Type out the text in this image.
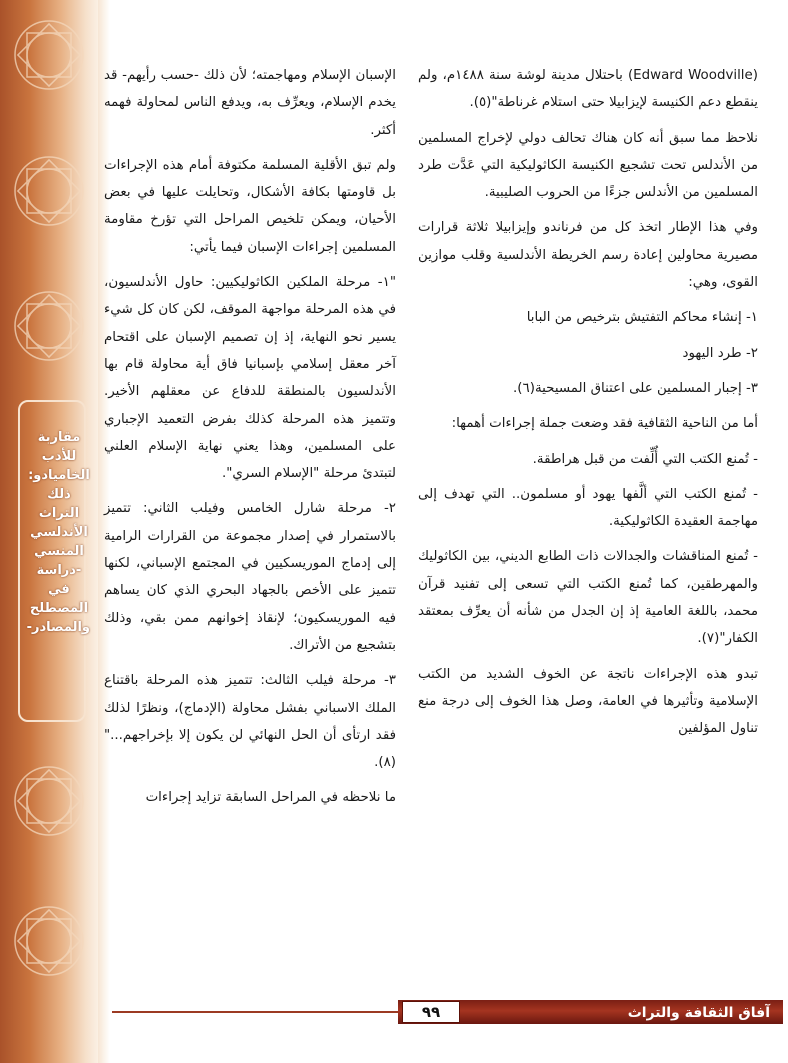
مقاربة
للأدب
الخاميادو:
ذلك التراث
الأندلسي
المنسي
-دراسة في
المصطلح
والمصادر-

(Edward Woodville) باحتلال مدينة لوشة سنة ١٤٨٨م، ولم ينقطع دعم الكنيسة لإيزابيلا حتى استلام غرناطة"(٥).

نلاحظ مما سبق أنه كان هناك تحالف دولي لإخراج المسلمين من الأندلس تحت تشجيع الكنيسة الكاثوليكية التي عَدَّت طرد المسلمين من الأندلس جزءًا من الحروب الصليبية.

وفي هذا الإطار اتخذ كل من فرناندو وإيزابيلا ثلاثة قرارات مصيرية محاولين إعادة رسم الخريطة الأندلسية وقلب موازين القوى، وهي:

١- إنشاء محاكم التفتيش بترخيص من البابا

٢- طرد اليهود

٣- إجبار المسلمين على اعتناق المسيحية(٦).

أما من الناحية الثقافية فقد وضعت جملة إجراءات أهمها:

- تُمنع الكتب التي أُلِّفت من قبل هراطقة.

- تُمنع الكتب التي ألَّفها يهود أو مسلمون.. التي تهدف إلى مهاجمة العقيدة الكاثوليكية.

- تُمنع المناقشات والجدالات ذات الطابع الديني، بين الكاثوليك والمهرطقين، كما تُمنع الكتب التي تسعى إلى تفنيد قرآن محمد، باللغة العامية إذ إن الجدل من شأنه أن يعرِّف بمعتقد الكفار"(٧).

تبدو هذه الإجراءات ناتجة عن الخوف الشديد من الكتب الإسلامية وتأثيرها في العامة، وصل هذا الخوف إلى درجة منع تناول المؤلفين

الإسبان الإسلام ومهاجمته؛ لأن ذلك -حسب رأيهم- قد يخدم الإسلام، ويعرِّف به، ويدفع الناس لمحاولة فهمه أكثر.

ولم تبق الأقلية المسلمة مكتوفة أمام هذه الإجراءات بل قاومتها بكافة الأشكال، وتحايلت عليها في بعض الأحيان، ويمكن تلخيص المراحل التي تؤرخ مقاومة المسلمين إجراءات الإسبان فيما يأتي:

"١- مرحلة الملكين الكاثوليكيين: حاول الأندلسيون، في هذه المرحلة مواجهة الموقف، لكن كان كل شيء يسير نحو النهاية، إذ إن تصميم الإسبان على اقتحام آخر معقل إسلامي بإسبانيا فاق أية محاولة قام بها الأندلسيون بالمنطقة للدفاع عن معقلهم الأخير. وتتميز هذه المرحلة كذلك بفرض التعميد الإجباري على المسلمين، وهذا يعني نهاية الإسلام العلني لتبتدئ مرحلة "الإسلام السري".

٢- مرحلة شارل الخامس وفيلب الثاني: تتميز بالاستمرار في إصدار مجموعة من القرارات الرامية إلى إدماج الموريسكيين في المجتمع الإسباني، لكنها تتميز على الأخص بالجهاد البحري الذي كان يساهم فيه الموريسكيون؛ لإنقاذ إخوانهم ممن بقي، وذلك بتشجيع من الأتراك.

٣- مرحلة فيلب الثالث: تتميز هذه المرحلة باقتناع الملك الاسباني بفشل محاولة (الإدماج)، ونظرًا لذلك فقد ارتأى أن الحل النهائي لن يكون إلا بإخراجهم..."(٨).

ما نلاحظه في المراحل السابقة تزايد إجراءات

آفاق الثقافة والتراث
٩٩
